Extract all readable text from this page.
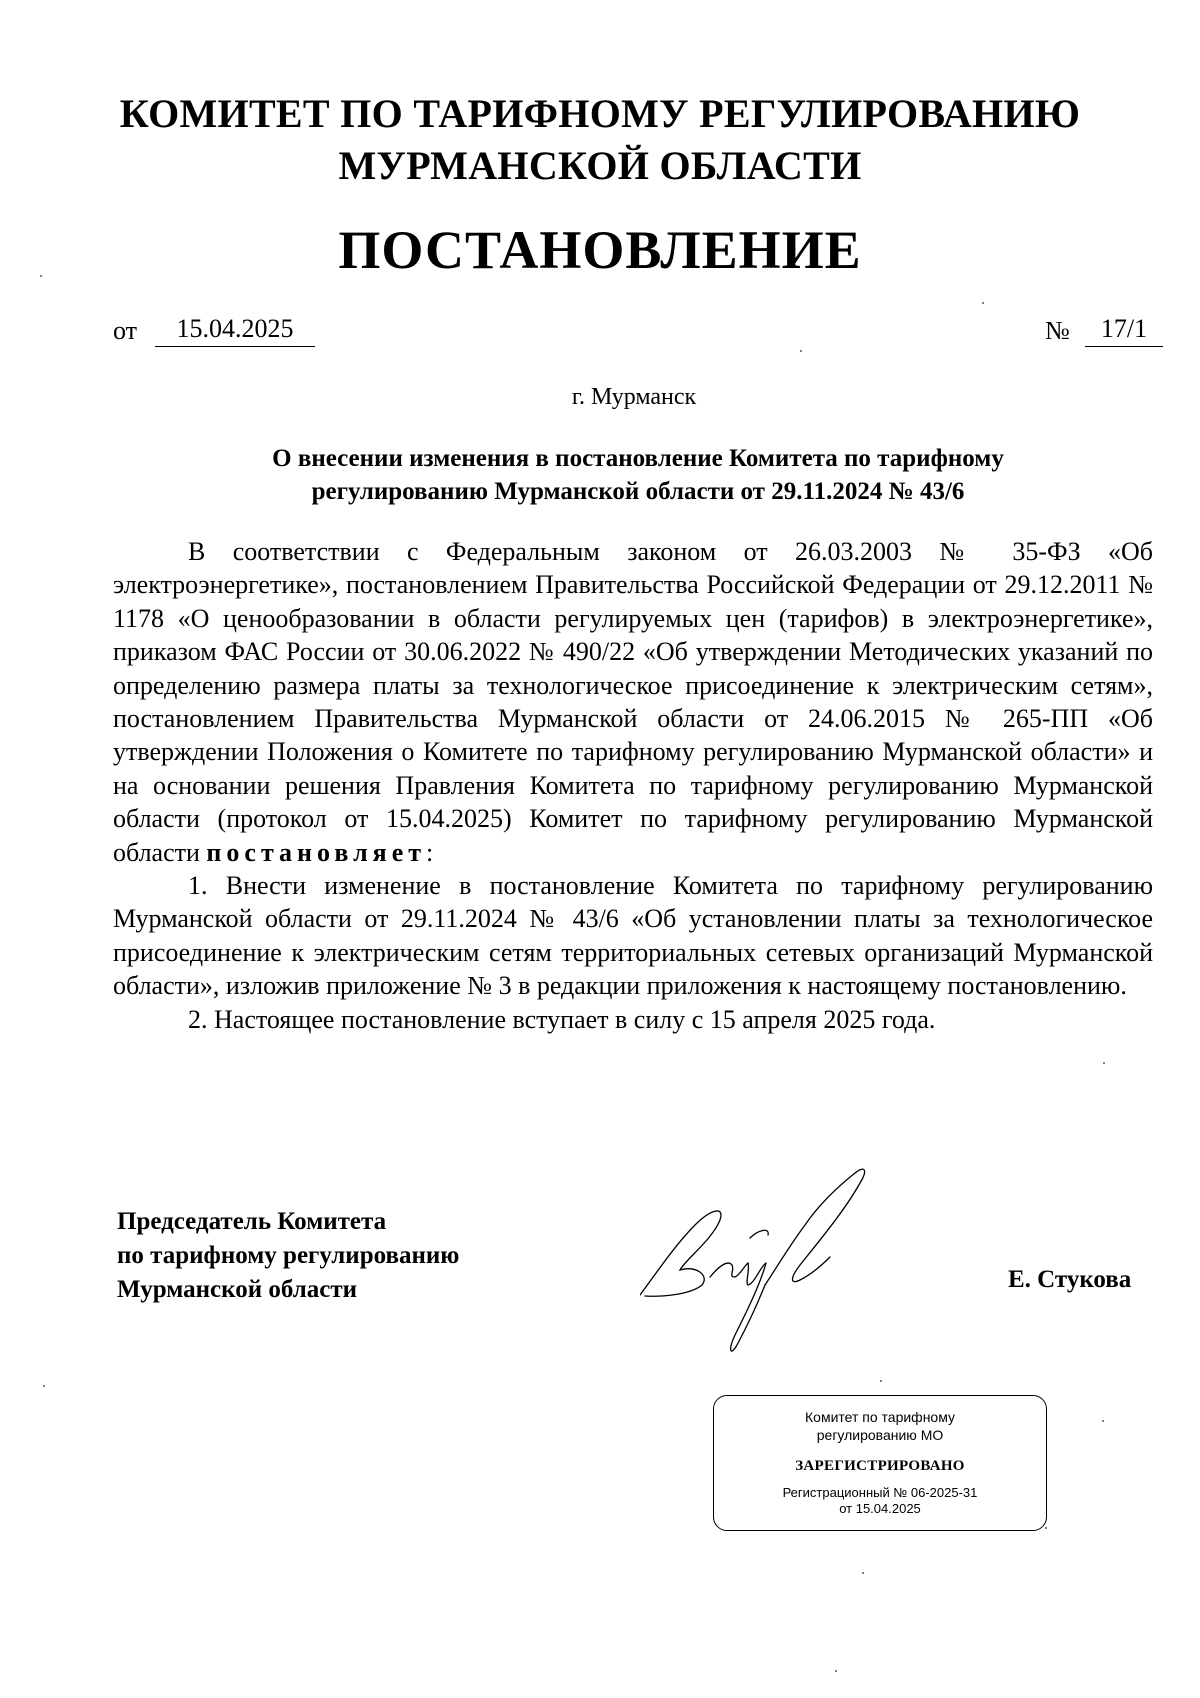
КОМИТЕТ ПО ТАРИФНОМУ РЕГУЛИРОВАНИЮ
МУРМАНСКОЙ ОБЛАСТИ
ПОСТАНОВЛЕНИЕ
от	15.04.2025	№	17/1
г. Мурманск
О внесении изменения в постановление Комитета по тарифному
регулированию Мурманской области от 29.11.2024 № 43/6

В соответствии с Федеральным законом от 26.03.2003 № 35-ФЗ «Об электроэнергетике», постановлением Правительства Российской Федерации от 29.12.2011 № 1178 «О ценообразовании в области регулируемых цен (тарифов) в электроэнергетике», приказом ФАС России от 30.06.2022 № 490/22 «Об утверждении Методических указаний по определению размера платы за технологическое присоединение к электрическим сетям», постановлением Правительства Мурманской области от 24.06.2015 № 265-ПП «Об утверждении Положения о Комитете по тарифному регулированию Мурманской области» и на основании решения Правления Комитета по тарифному регулированию Мурманской области (протокол от 15.04.2025) Комитет по тарифному регулированию Мурманской области постановляет:

1. Внести изменение в постановление Комитета по тарифному регулированию Мурманской области от 29.11.2024 № 43/6 «Об установлении платы за технологическое присоединение к электрическим сетям территориальных сетевых организаций Мурманской области», изложив приложение № 3 в редакции приложения к настоящему постановлению.

2. Настоящее постановление вступает в силу с 15 апреля 2025 года.

Председатель Комитета
по тарифному регулированию
Мурманской области	Е. Стукова
Комитет по тарифному
регулированию МО
ЗАРЕГИСТРИРОВАНО
Регистрационный № 06-2025-31
от 15.04.2025
